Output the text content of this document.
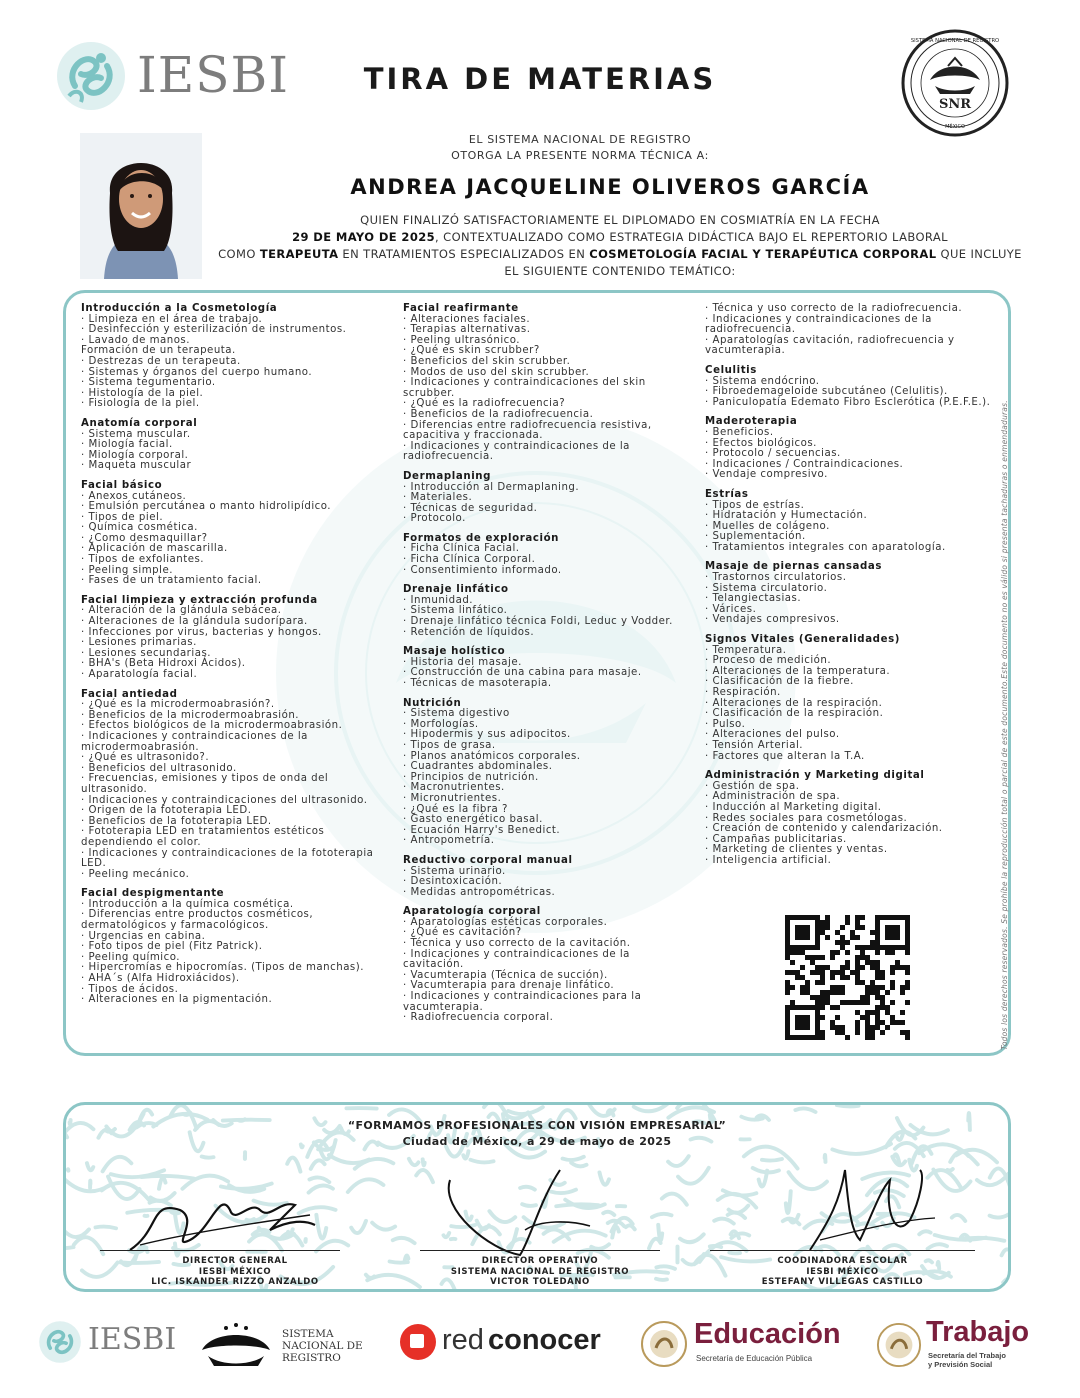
IESBI	TIRA DE MATERIAS
SNR
SISTEMA NACIONAL DE REGISTRO
MÉXICO
EL SISTEMA NACIONAL DE REGISTRO
OTORGA LA PRESENTE NORMA TÉCNICA A:
ANDREA JACQUELINE OLIVEROS GARCÍA
QUIEN FINALIZÓ SATISFACTORIAMENTE EL DIPLOMADO EN COSMIATRÍA EN LA FECHA
29 DE MAYO DE 2025, CONTEXTUALIZADO COMO ESTRATEGIA DIDÁCTICA BAJO EL REPERTORIO LABORAL
COMO TERAPEUTA EN TRATAMIENTOS ESPECIALIZADOS EN COSMETOLOGÍA FACIAL Y TERAPÉUTICA CORPORAL QUE INCLUYE EL SIGUIENTE CONTENIDO TEMÁTICO:
Introducción a la Cosmetología
· Limpieza en el área de trabajo.
· Desinfección y esterilización de instrumentos.
· Lavado de manos.
Formación de un terapeuta.
· Destrezas de un terapeuta.
· Sistemas y órganos del cuerpo humano.
· Sistema tegumentario.
· Histología de la piel.
· Fisiología de la piel.
Anatomía corporal
· Sistema muscular.
· Miología facial.
· Miología corporal.
· Maqueta muscular
Facial básico
· Anexos cutáneos.
· Emulsión percutánea o manto hidrolipídico.
· Tipos de piel.
· Química cosmética.
· ¿Como desmaquillar?
· Aplicación de mascarilla.
· Tipos de exfoliantes.
· Peeling simple.
· Fases de un tratamiento facial.
Facial limpieza y extracción profunda
· Alteración de la glándula sebácea.
· Alteraciones de la glándula sudorípara.
· Infecciones por virus, bacterias y hongos.
· Lesiones primarias.
· Lesiones secundarias.
· BHA's (Beta Hidroxi Ácidos).
· Aparatología facial.
Facial antiedad
· ¿Qué es la microdermoabrasión?.
· Beneficios de la microdermoabrasión.
· Efectos biológicos de la microdermoabrasión.
· Indicaciones y contraindicaciones de la microdermoabrasión.
· ¿Qué es ultrasonido?.
· Beneficios del ultrasonido.
· Frecuencias, emisiones y tipos de onda del ultrasonido.
· Indicaciones y contraindicaciones del ultrasonido.
· Origen de la fototerapia LED.
· Beneficios de la fototerapia LED.
· Fototerapia LED en tratamientos estéticos dependiendo el color.
· Indicaciones y contraindicaciones de la fototerapia LED.
· Peeling mecánico.
Facial despigmentante
· Introducción a la química cosmética.
· Diferencias entre productos cosméticos, dermatológicos y farmacológicos.
· Urgencias en cabina.
· Foto tipos de piel (Fitz Patrick).
· Peeling químico.
· Hipercromías e hipocromías. (Tipos de manchas).
· AHA´s (Alfa Hidroxiácidos).
· Tipos de ácidos.
· Alteraciones en la pigmentación.
Facial reafirmante
· Alteraciones faciales.
· Terapias alternativas.
· Peeling ultrasónico.
· ¿Qué es skin scrubber?
· Beneficios del skin scrubber.
· Modos de uso del skin scrubber.
· Indicaciones y contraindicaciones del skin scrubber.
· ¿Qué es la radiofrecuencia?
· Beneficios de la radiofrecuencia.
· Diferencias entre radiofrecuencia resistiva, capacitiva y fraccionada.
· Indicaciones y contraindicaciones de la radiofrecuencia.
Dermaplaning
· Introducción al Dermaplaning.
· Materiales.
· Técnicas de seguridad.
· Protocolo.
Formatos de exploración
· Ficha Clínica Facial.
· Ficha Clínica Corporal.
· Consentimiento informado.
Drenaje linfático
· Inmunidad.
· Sistema linfático.
· Drenaje linfático técnica Foldi, Leduc y Vodder.
· Retención de líquidos.
Masaje holístico
· Historia del masaje.
· Construcción de una cabina para masaje.
· Técnicas de masoterapia.
Nutrición
· Sistema digestivo
· Morfologías.
· Hipodermis y sus adipocitos.
· Tipos de grasa.
· Planos anatómicos corporales.
· Cuadrantes abdominales.
· Principios de nutrición.
· Macronutrientes.
· Micronutrientes.
· ¿Qué es la fibra ?
· Gasto energético basal.
· Ecuación Harry's Benedict.
· Antropometría.
Reductivo corporal manual
· Sistema urinario.
· Desintoxicación.
· Medidas antropométricas.
Aparatología corporal
· Aparatologías estéticas corporales.
· ¿Qué es cavitación?
· Técnica y uso correcto de la cavitación.
· Indicaciones y contraindicaciones de la cavitación.
· Vacumterapia (Técnica de succión).
· Vacumterapia para drenaje linfático.
· Indicaciones y contraindicaciones para la vacumterapia.
· Radiofrecuencia corporal.
· Técnica y uso correcto de la radiofrecuencia.
· Indicaciones y contraindicaciones de la radiofrecuencia.
· Aparatologías cavitación, radiofrecuencia y vacumterapia.
Celulitis
· Sistema endócrino.
· Fibroedemageloide subcutáneo (Celulitis).
· Paniculopatía Edemato Fibro Esclerótica (P.E.F.E.).
Maderoterapia
· Beneficios.
· Efectos biológicos.
· Protocolo / secuencias.
· Indicaciones / Contraindicaciones.
· Vendaje compresivo.
Estrías
· Tipos de estrías.
· Hidratación y Humectación.
· Muelles de colágeno.
· Suplementación.
· Tratamientos integrales con aparatología.
Masaje de piernas cansadas
· Trastornos circulatorios.
· Sistema circulatorio.
· Telangiectasias.
· Várices.
· Vendajes compresivos.
Signos Vitales (Generalidades)
· Temperatura.
· Proceso de medición.
· Alteraciones de la temperatura.
· Clasificación de la fiebre.
· Respiración.
· Alteraciones de la respiración.
· Clasificación de la respiración.
· Pulso.
· Alteraciones del pulso.
· Tensión Arterial.
· Factores que alteran la T.A.
Administración y Marketing digital
· Gestión de spa.
· Administración de spa.
· Inducción al Marketing digital.
· Redes sociales para cosmetólogas.
· Creación de contenido y calendarización.
· Campañas publicitarias.
· Marketing de clientes y ventas.
· Inteligencia artificial.	Todos los derechos reservados. Se prohíbe la reproducción total o parcial de este documento.Este documento no es válido si presenta tachaduras o enmendaduras.
“FORMAMOS PROFESIONALES CON VISIÓN EMPRESARIAL”
Ciudad de México, a 29 de mayo de 2025
DIRECTOR GENERAL
IESBI MÉXICO
LIC. ISKANDER RIZZO ANZALDO
DIRECTOR OPERATIVO
SISTEMA NACIONAL DE REGISTRO
VICTOR TOLEDANO
COODINADORA ESCOLAR
IESBI MÉXICO
ESTEFANY VILLEGAS CASTILLO
IESBI	SISTEMA
NACIONAL DE
REGISTRO
red conocer	Educación
Secretaría de Educación Pública
Trabajo
Secretaría del Trabajo
y Previsión Social
